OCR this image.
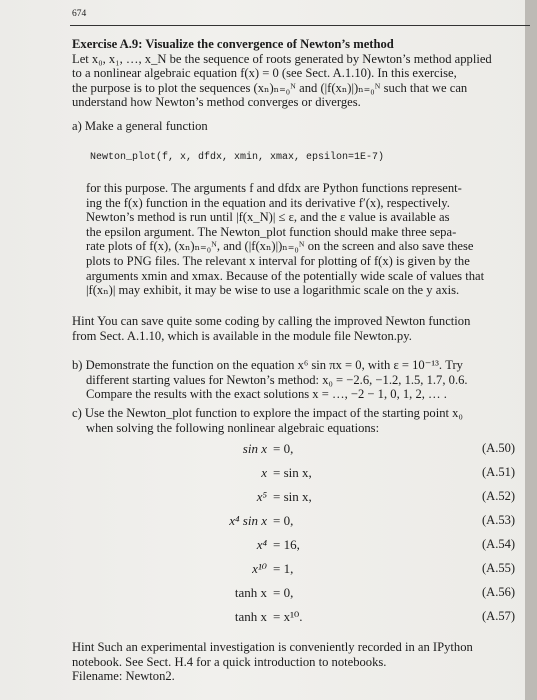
674
Exercise A.9: Visualize the convergence of Newton’s method
Let x₀, x₁, …, x_N be the sequence of roots generated by Newton’s method applied
to a nonlinear algebraic equation f(x) = 0 (see Sect. A.1.10). In this exercise,
the purpose is to plot the sequences (xₙ)ₙ₌₀ᴺ and (|f(xₙ)|)ₙ₌₀ᴺ such that we can
understand how Newton’s method converges or diverges.
a) Make a general function
Newton_plot(f, x, dfdx, xmin, xmax, epsilon=1E-7)
for this purpose. The arguments f and dfdx are Python functions represent-
ing the f(x) function in the equation and its derivative f′(x), respectively.
Newton’s method is run until |f(x_N)| ≤ ε, and the ε value is available as
the epsilon argument. The Newton_plot function should make three sepa-
rate plots of f(x), (xₙ)ₙ₌₀ᴺ, and (|f(xₙ)|)ₙ₌₀ᴺ on the screen and also save these
plots to PNG files. The relevant x interval for plotting of f(x) is given by the
arguments xmin and xmax. Because of the potentially wide scale of values that
|f(xₙ)| may exhibit, it may be wise to use a logarithmic scale on the y axis.
Hint You can save quite some coding by calling the improved Newton function
from Sect. A.1.10, which is available in the module file Newton.py.
b) Demonstrate the function on the equation x⁶ sin πx = 0, with ε = 10⁻¹³. Try
different starting values for Newton’s method: x₀ = −2.6, −1.2, 1.5, 1.7, 0.6.
Compare the results with the exact solutions x = …, −2 − 1, 0, 1, 2, … .
c) Use the Newton_plot function to explore the impact of the starting point x₀
when solving the following nonlinear algebraic equations:
sin x = 0,	(A.50)
x = sin x,	(A.51)
x⁵ = sin x,	(A.52)
x⁴ sin x = 0,	(A.53)
x⁴ = 16,	(A.54)
x¹⁰ = 1,	(A.55)
tanh x = 0,	(A.56)
tanh x = x¹⁰.	(A.57)
Hint Such an experimental investigation is conveniently recorded in an IPython
notebook. See Sect. H.4 for a quick introduction to notebooks.
Filename: Newton2.
